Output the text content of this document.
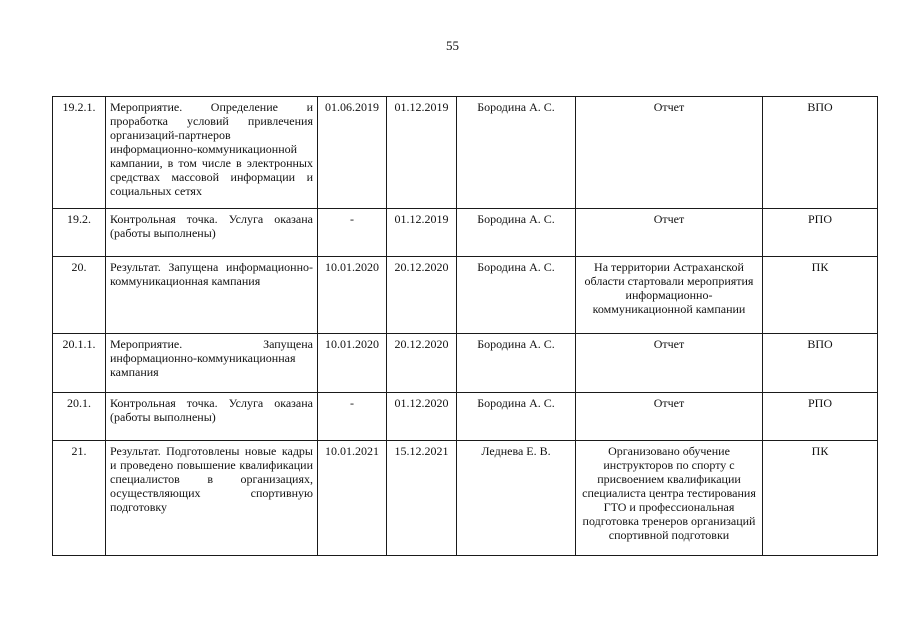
55
19.2.1.	Мероприятие. Определение и проработка условий привлечения организаций-партнеров информационно-коммуникационной кампании, в том числе в электронных средствах массовой информации и социальных сетях	01.06.2019	01.12.2019	Бородина А. С.	Отчет	ВПО
19.2.	Контрольная точка. Услуга оказана (работы выполнены)	-	01.12.2019	Бородина А. С.	Отчет	РПО
20.	Результат. Запущена информационно-коммуникационная кампания	10.01.2020	20.12.2020	Бородина А. С.	На территории Астраханской области стартовали мероприятия информационно-коммуникационной кампании	ПК
20.1.1.	Мероприятие. Запущена информационно-коммуникационная кампания	10.01.2020	20.12.2020	Бородина А. С.	Отчет	ВПО
20.1.	Контрольная точка. Услуга оказана (работы выполнены)	-	01.12.2020	Бородина А. С.	Отчет	РПО
21.	Результат. Подготовлены новые кадры и проведено повышение квалификации специалистов в организациях, осуществляющих спортивную подготовку	10.01.2021	15.12.2021	Леднева Е. В.	Организовано обучение инструкторов по спорту с присвоением квалификации специалиста центра тестирования ГТО и профессиональная подготовка тренеров организаций спортивной подготовки	ПК
